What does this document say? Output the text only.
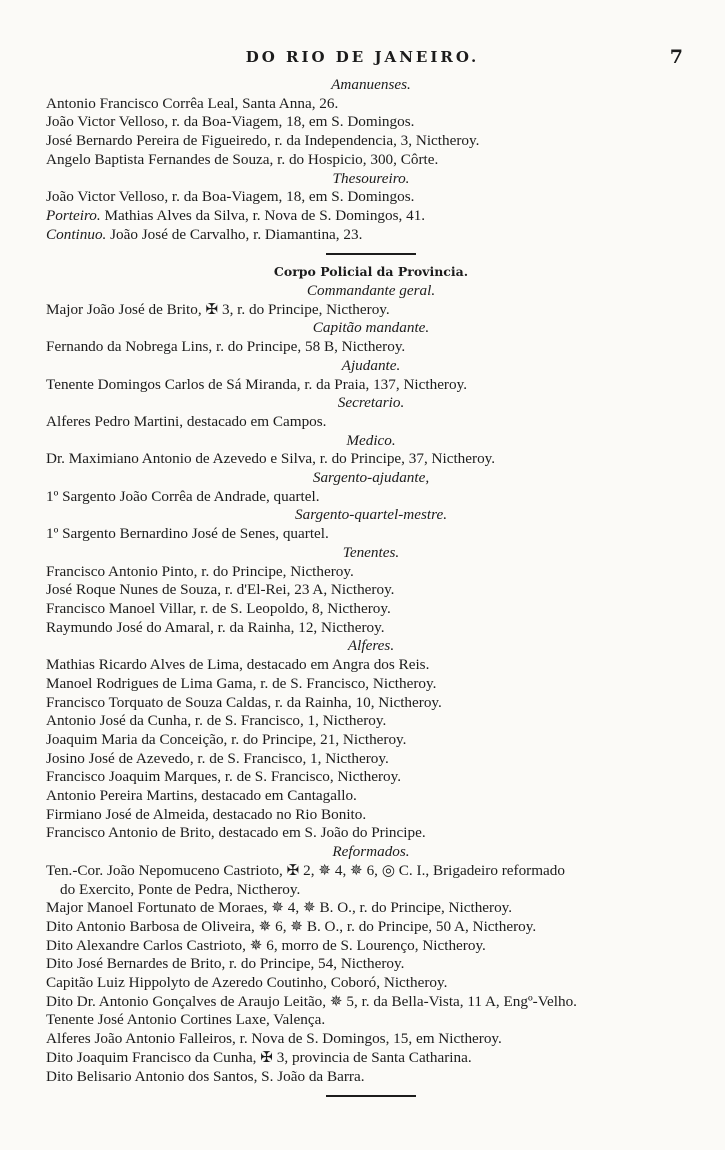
DO RIO DE JANEIRO.	7
Amanuenses.
Antonio Francisco Corrêa Leal, Santa Anna, 26.
João Victor Velloso, r. da Boa-Viagem, 18, em S. Domingos.
José Bernardo Pereira de Figueiredo, r. da Independencia, 3, Nictheroy.
Angelo Baptista Fernandes de Souza, r. do Hospicio, 300, Côrte.
Thesoureiro.
João Victor Velloso, r. da Boa-Viagem, 18, em S. Domingos.
Porteiro. Mathias Alves da Silva, r. Nova de S. Domingos, 41.
Continuo. João José de Carvalho, r. Diamantina, 23.
Corpo Policial da Provincia.
Commandante geral.
Major João José de Brito, ✠ 3, r. do Principe, Nictheroy.
Capitão mandante.
Fernando da Nobrega Lins, r. do Principe, 58 B, Nictheroy.
Ajudante.
Tenente Domingos Carlos de Sá Miranda, r. da Praia, 137, Nictheroy.
Secretario.
Alferes Pedro Martini, destacado em Campos.
Medico.
Dr. Maximiano Antonio de Azevedo e Silva, r. do Principe, 37, Nictheroy.
Sargento-ajudante,
1º Sargento João Corrêa de Andrade, quartel.
Sargento-quartel-mestre.
1º Sargento Bernardino José de Senes, quartel.
Tenentes.
Francisco Antonio Pinto, r. do Principe, Nictheroy.
José Roque Nunes de Souza, r. d'El-Rei, 23 A, Nictheroy.
Francisco Manoel Villar, r. de S. Leopoldo, 8, Nictheroy.
Raymundo José do Amaral, r. da Rainha, 12, Nictheroy.
Alferes.
Mathias Ricardo Alves de Lima, destacado em Angra dos Reis.
Manoel Rodrigues de Lima Gama, r. de S. Francisco, Nictheroy.
Francisco Torquato de Souza Caldas, r. da Rainha, 10, Nictheroy.
Antonio José da Cunha, r. de S. Francisco, 1, Nictheroy.
Joaquim Maria da Conceição, r. do Principe, 21, Nictheroy.
Josino José de Azevedo, r. de S. Francisco, 1, Nictheroy.
Francisco Joaquim Marques, r. de S. Francisco, Nictheroy.
Antonio Pereira Martins, destacado em Cantagallo.
Firmiano José de Almeida, destacado no Rio Bonito.
Francisco Antonio de Brito, destacado em S. João do Principe.
Reformados.
Ten.-Cor. João Nepomuceno Castrioto, ✠ 2, ✵ 4, ✵ 6, ◎ C. I., Brigadeiro reformado
do Exercito, Ponte de Pedra, Nictheroy.
Major Manoel Fortunato de Moraes, ✵ 4, ✵ B. O., r. do Principe, Nictheroy.
Dito Antonio Barbosa de Oliveira, ✵ 6, ✵ B. O., r. do Principe, 50 A, Nictheroy.
Dito Alexandre Carlos Castrioto, ✵ 6, morro de S. Lourenço, Nictheroy.
Dito José Bernardes de Brito, r. do Principe, 54, Nictheroy.
Capitão Luiz Hippolyto de Azeredo Coutinho, Coboró, Nictheroy.
Dito Dr. Antonio Gonçalves de Araujo Leitão, ✵ 5, r. da Bella-Vista, 11 A, Engº-Velho.
Tenente José Antonio Cortines Laxe, Valença.
Alferes João Antonio Falleiros, r. Nova de S. Domingos, 15, em Nictheroy.
Dito Joaquim Francisco da Cunha, ✠ 3, provincia de Santa Catharina.
Dito Belisario Antonio dos Santos, S. João da Barra.
